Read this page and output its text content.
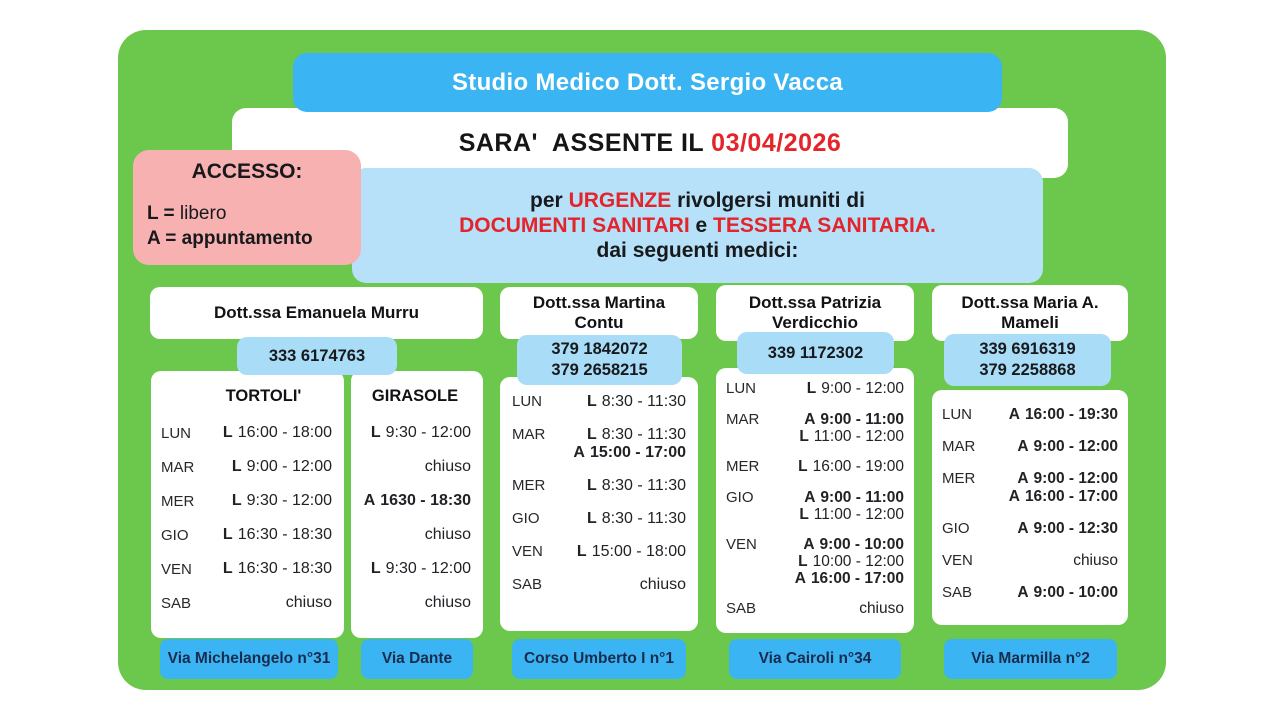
Studio Medico Dott. Sergio Vacca
SARA'  ASSENTE IL 03/04/2026
per URGENZE rivolgersi muniti di
DOCUMENTI SANITARI e TESSERA SANITARIA.
dai seguenti medici:
ACCESSO:
L = libero
A = appuntamento
Dott.ssa Emanuela Murru
333 6174763
TORTOLI'
LUN L 16:00 - 18:00
MAR L 9:00 - 12:00
MER L 9:30 - 12:00
GIO L 16:30 - 18:30
VEN L 16:30 - 18:30
SAB	chiuso
GIRASOLE
L 9:30 - 12:00
chiuso
A 1630 - 18:30
chiuso
L 9:30 - 12:00
chiuso
Via Michelangelo n°31	Via Dante
Dott.ssa Martina Contu
379 1842072
379 2658215
LUN	L 8:30 - 11:30
MAR	L 8:30 - 11:30
A 15:00 - 17:00
MER	L 8:30 - 11:30
GIO	L 8:30 - 11:30
VEN L 15:00 - 18:00
SAB	chiuso
Corso Umberto I n°1
Dott.ssa Patrizia Verdicchio
339 1172302
LUN	L 9:00 - 12:00
MAR	A 9:00 - 11:00
L 11:00 - 12:00
MER	L 16:00 - 19:00
GIO	A 9:00 - 11:00
L 11:00 - 12:00
VEN	A 9:00 - 10:00
L 10:00 - 12:00
A 16:00 - 17:00
SAB	chiuso
Via Cairoli n°34
Dott.ssa Maria A. Mameli
339 6916319
379 2258868
LUN A 16:00 - 19:30
MAR	A 9:00 - 12:00
MER	A 9:00 - 12:00
A 16:00 - 17:00
GIO	A 9:00 - 12:30
VEN	chiuso
SAB	A 9:00 - 10:00
Via Marmilla n°2
